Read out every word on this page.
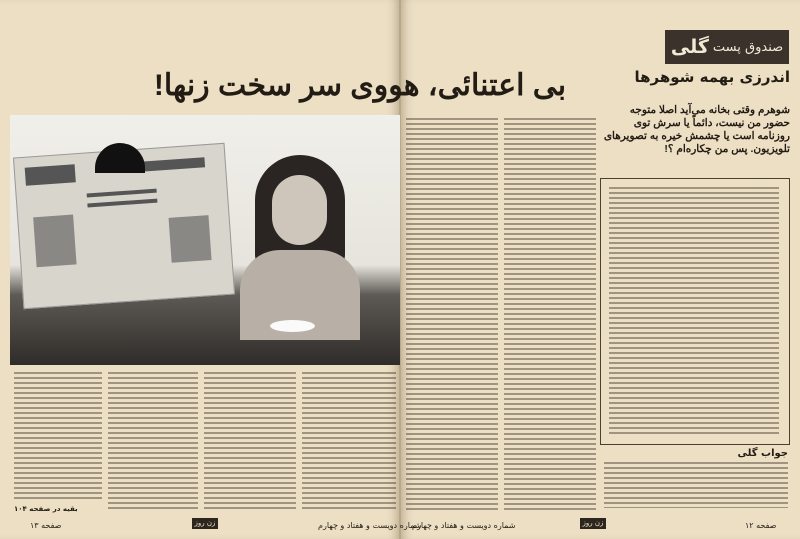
بی اعتنائی، هووی سر سخت زنها!
بقیه در صفحه ۱۰۴
صندوق پست
گلی
اندرزی بهمه شوهرها
شوهرم وقتی بخانه می‌آید اصلا متوجه حضور من نیست، دائماً یا سرش توی روزنامه است یا چشمش خیره به تصویرهای تلویزیون. پس من چکاره‌ام ؟!
جواب گلی
صفحه ۱۳	زن روز	شماره دویست و هفتاد و چهارم
شماره دویست و هفتاد و چهارم	زن روز	صفحه ۱۲
